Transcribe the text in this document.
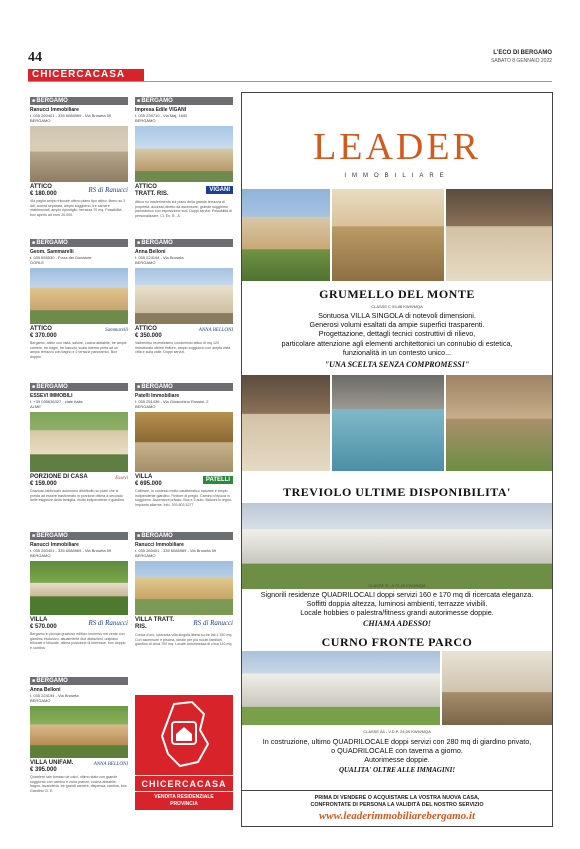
44	L'ECO DI BERGAMO
SABATO 8 GENNAIO 2022
CHICERCACASA
■ BERGAMO
Ranucci Immobiliare
t. 035 260401 - 335 6088969 - Via Broseta 59
BERGAMO
ATTICO
€ 180.000	RS di Ranucci
Via paglia ampio trilocale ultimo piano tipo attico, libero su 3 lati, cucina separata, ampio soggiorno, tre camere matrimoniali, ampio ripostiglio, terrazza 70 mq. Possibilità box aperto ad euro 20.000.
■ BERGAMO
Geom. Sammarelli
t. 035 655530 - P.zza dei Donatore
GORLE
ATTICO
€ 370.000
Sammarelli
Bergamo, attico con vista, salone, cucina abitabile, tre ampie camere, tre bagni, tre balconi, scala interna porta ad un ampio terrazzo con bagno e 2 terrazzi panoramici. Box doppio.
■ BERGAMO
ESSEVI IMMOBILI
t. +39 035636327 - viale Italia
ALME'
PORZIONE DI CASA
€ 159.000
Essevi
Grazioso fabbricato autonomo distribuito su piani che si presta ad essere trasformato in porzione ottima a secondo delle esigenze della famiglia, molto indipendente e giardino.
■ BERGAMO
Ranucci Immobiliare
t. 035 260401 - 335 6088969 - Via Broseta 59
BERGAMO
VILLA
€ 570.000	RS di Ranucci
Bergamo in piccolo grazioso edificio immerso nel verde con giardino esclusivo, attualmente due abitazioni, unipiano trilocale e bilocale, ottima posizione di interesse, box doppio e cantina.
■ BERGAMO
Anna Belloni
t. 035 224194 - Via Broseta
BERGAMO
VILLA UNIFAM.
€ 395.000
ANNA BELLONI
Quartiere san tomaso de calvi, ottimo stato con grande soggiorno con camino e zona pranzo, cucina abitabile, bagno, lavanderia, tre grandi camere, dispensa, cantina, box. Giardino Cl. E.
■ BERGAMO
Impresa Edile VIGANI
t. 035 239710 - Via Maj, 16/B
BERGAMO
ATTICO TRATT. RIS.
VIGANI
Attico su trasferimento sul piano della grande terrazza di proprietà, accesso diretto da ascensore, grande soggiorno panoramico con esposizione sud. Doppi servizi. Possibilità di personalizzare. Cl. En. B - A
■ BERGAMO
Anna Belloni
t. 035 224194 - Via Broseta
BERGAMO
ATTICO
€ 350.000
ANNA BELLONI
Valbrembo recentissimo condominio attico di mq 120 ristrutturato ottime finiture, ampio soggiorno con ampia vista città e sulla valle. Doppi servizi.
■ BERGAMO
Patelli Immobiliare
t. 035 251436 - Via Gioacchino Rossini, 2
BERGAMO
VILLA
€ 695.000
PATELLI
Collinare, in contesto molto caratteristico naturale e ampio indipendente giardino. Finiture di pregio. Camino d'epoca in soggiorno. Ascensore privato. Box e 3 auto. Balconi in legno. Impianto allarme. Info. 393 803 5277
■ BERGAMO
Ranucci Immobiliare
t. 035 260401 - 335 6088969 - Via Broseta 59
BERGAMO
VILLA TRATT. RIS.	RS di Ranucci
Conca d'oro, lussuosa villa singola libera su tre lati 1.150 mq. Con ascensore e piscina, ideale per più nuclei familiari, giardino di circa 700 mq. Locale autorimessa di circa 110 mq.
CHICERCACASA
VENDITA RESIDENZIALE
PROVINCIA
LEADER
IMMOBILIARE
GRUMELLO DEL MONTE
CLASSE C 93,88 KWH/MQA
Sontuosa VILLA SINGOLA di notevoli dimensioni.
Generosi volumi esaltati da ampie superfici trasparenti.
Progettazione, dettagli tecnici costruttivi di rilievo,
particolare attenzione agli elementi architettonici un connubio di estetica,
funzionalità in un contesto unico...
"UNA SCELTA SENZA COMPROMESSI"
TREVIOLO ULTIME DISPONIBILITA'
CLASSE B - A 70,49 KWH/MQA
Signorili residenze QUADRILOCALI doppi servizi 160 e 170 mq di ricercata eleganza.
Soffitti doppia altezza, luminosi ambienti, terrazze vivibili.
Locale hobbies o palestra/fitness grandi autorimesse doppie.
CHIAMA ADESSO!
CURNO FRONTE PARCO
CLASSE A4 - V.D.P. 24,09 KWH/MQA
In costruzione, ultimo QUADRILOCALE doppi servizi con 280 mq di giardino privato,
o QUADRILOCALE con taverna a giorno.
Autorimesse doppie.
QUALITA' OLTRE ALLE IMMAGINI!
PRIMA DI VENDERE O ACQUISTARE LA VOSTRA NUOVA CASA,
CONFRONTATE DI PERSONA LA VALIDITÀ DEL NOSTRO SERVIZIO
www.leaderimmobiliarebergamo.it
